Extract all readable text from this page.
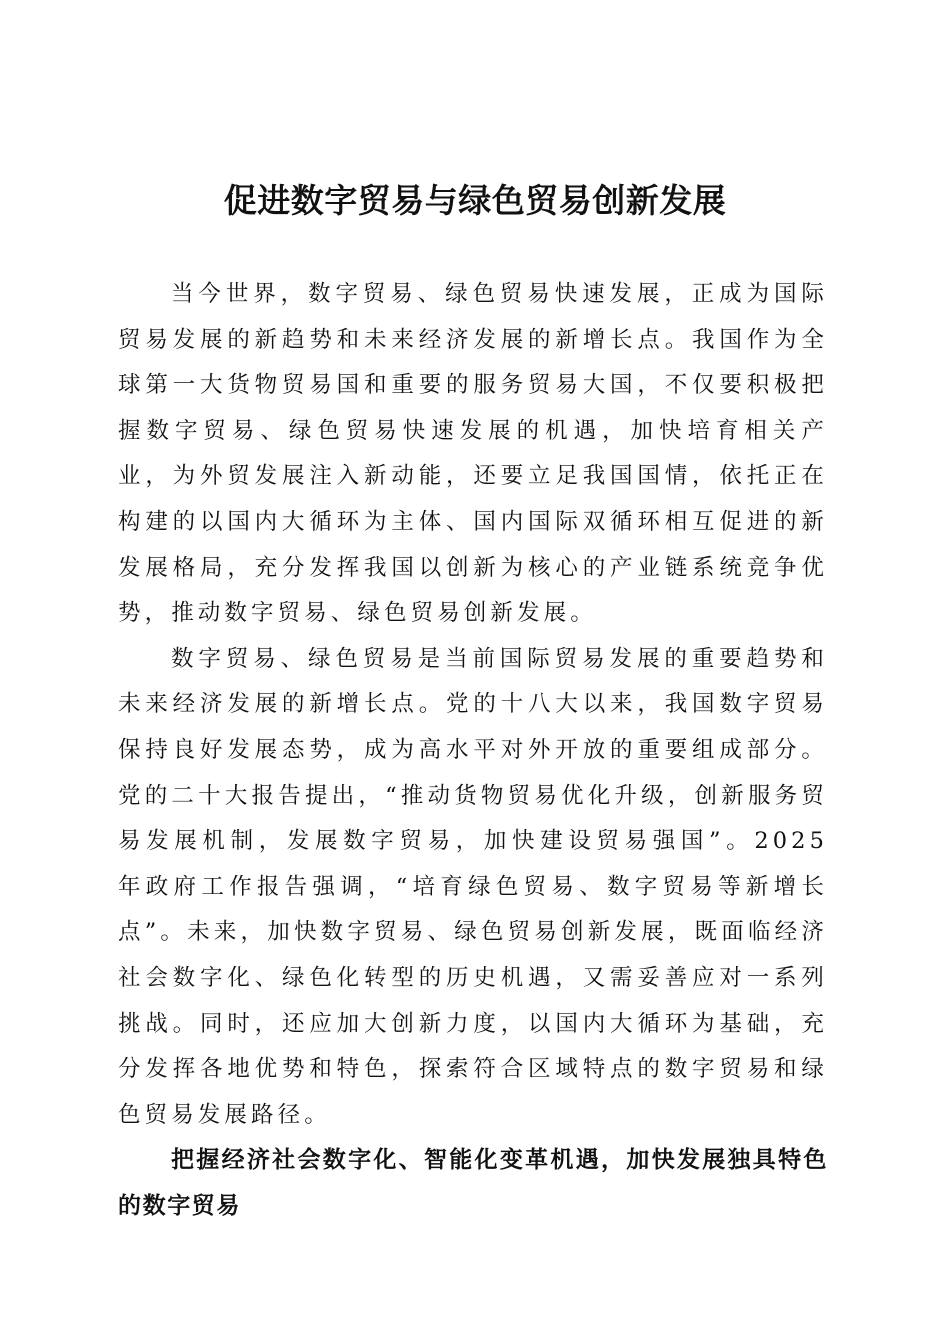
促进数字贸易与绿色贸易创新发展

当今世界，数字贸易、绿色贸易快速发展，正成为国际贸易发展的新趋势和未来经济发展的新增长点。我国作为全球第一大货物贸易国和重要的服务贸易大国，不仅要积极把握数字贸易、绿色贸易快速发展的机遇，加快培育相关产业，为外贸发展注入新动能，还要立足我国国情，依托正在构建的以国内大循环为主体、国内国际双循环相互促进的新发展格局，充分发挥我国以创新为核心的产业链系统竞争优势，推动数字贸易、绿色贸易创新发展。

数字贸易、绿色贸易是当前国际贸易发展的重要趋势和未来经济发展的新增长点。党的十八大以来，我国数字贸易保持良好发展态势，成为高水平对外开放的重要组成部分。党的二十大报告提出，“推动货物贸易优化升级，创新服务贸易发展机制，发展数字贸易，加快建设贸易强国”。2025 年政府工作报告强调，“培育绿色贸易、数字贸易等新增长点”。未来，加快数字贸易、绿色贸易创新发展，既面临经济社会数字化、绿色化转型的历史机遇，又需妥善应对一系列挑战。同时，还应加大创新力度，以国内大循环为基础，充分发挥各地优势和特色，探索符合区域特点的数字贸易和绿色贸易发展路径。

把握经济社会数字化、智能化变革机遇，加快发展独具特色的数字贸易
